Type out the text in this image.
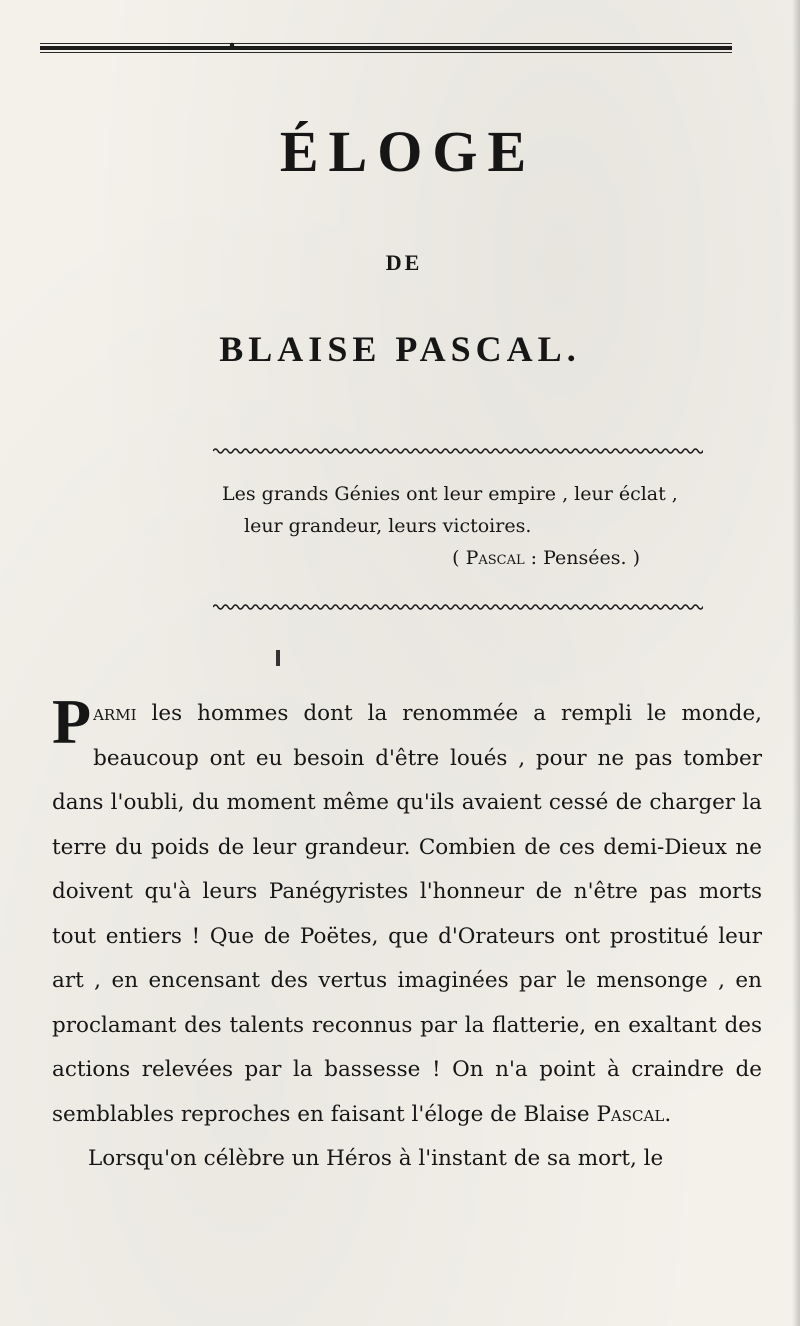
ÉLOGE
DE
BLAISE PASCAL.
Les grands Génies ont leur empire , leur éclat ,
leur grandeur, leurs victoires.
( Pascal : Pensées. )

Parmi les hommes dont la renommée a rempli le monde, beaucoup ont eu besoin d'être loués , pour ne pas tomber dans l'oubli, du moment même qu'ils avaient cessé de charger la terre du poids de leur grandeur. Combien de ces demi-Dieux ne doivent qu'à leurs Panégyristes l'honneur de n'être pas morts tout entiers ! Que de Poëtes, que d'Orateurs ont prostitué leur art , en encensant des vertus imaginées par le mensonge , en proclamant des talents reconnus par la flatterie, en exaltant des actions relevées par la bassesse ! On n'a point à craindre de semblables reproches en faisant l'éloge de Blaise Pascal.

Lorsqu'on célèbre un Héros à l'instant de sa mort, le
